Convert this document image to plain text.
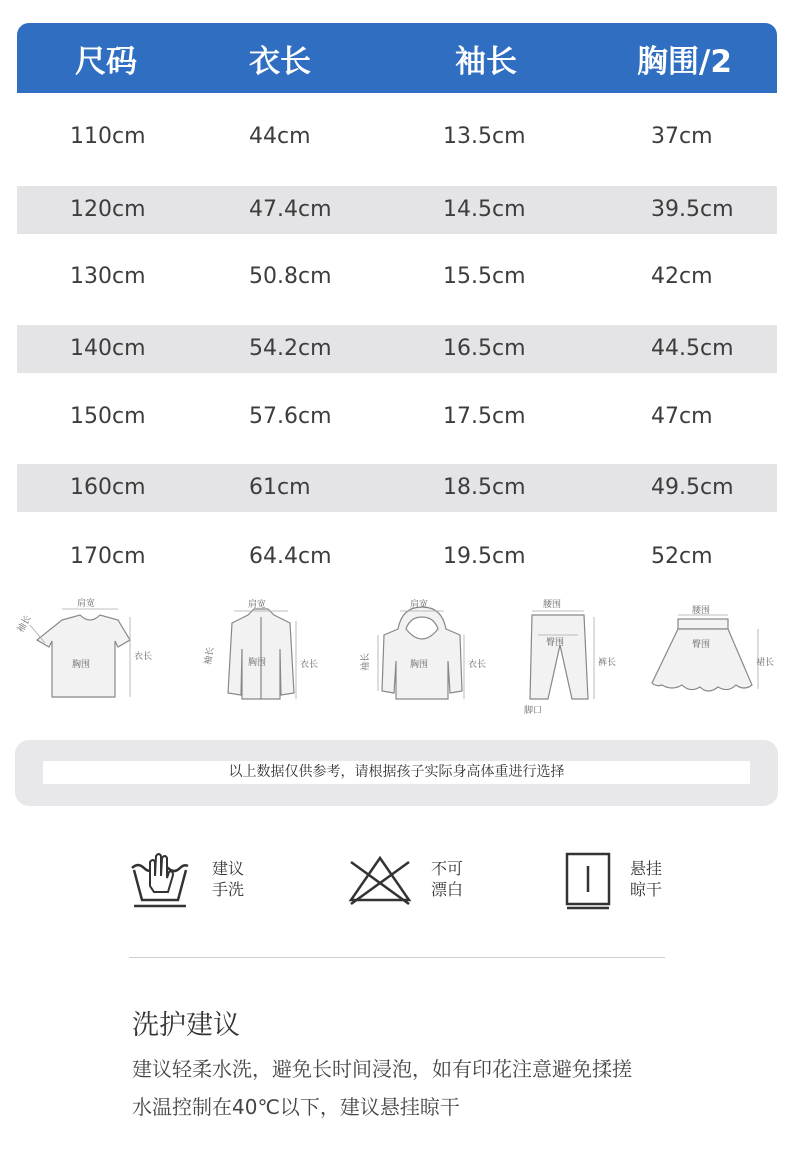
尺码	衣长	袖长	胸围/2
110cm	44cm	13.5cm	37cm
120cm	47.4cm	14.5cm	39.5cm
130cm	50.8cm	15.5cm	42cm
140cm	54.2cm	16.5cm	44.5cm
150cm	57.6cm	17.5cm	47cm
160cm	61cm	18.5cm	49.5cm
170cm	64.4cm	19.5cm	52cm
肩宽
袖长
胸围
衣长
肩宽
袖长	胸围	衣长
肩宽
袖长	胸围	衣长
腰围
臀围
裤长
脚口
腰围
臀围
裙长
以上数据仅供参考，请根据孩子实际身高体重进行选择
建议
手洗
不可
漂白
悬挂
晾干
洗护建议
建议轻柔水洗，避免长时间浸泡，如有印花注意避免揉搓
水温控制在40℃以下，建议悬挂晾干
